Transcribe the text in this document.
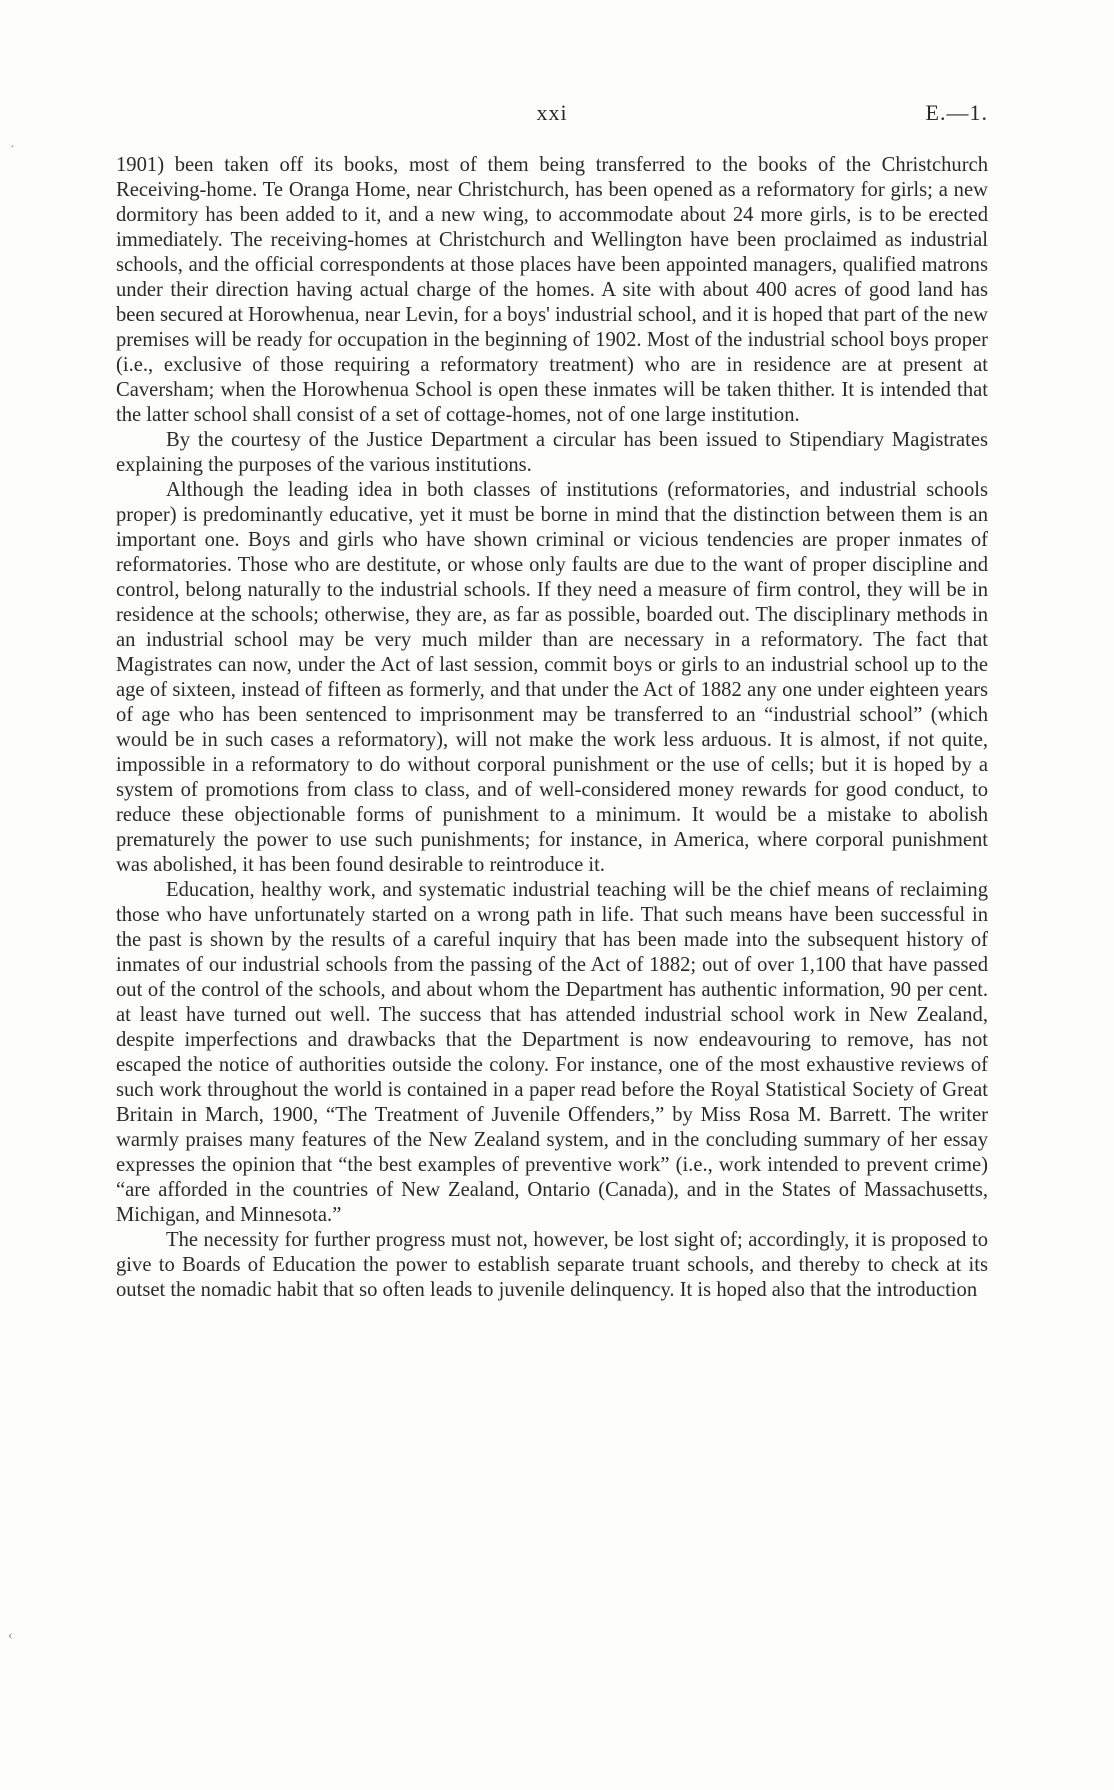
xxi	E.—1.

1901) been taken off its books, most of them being transferred to the books of the Christchurch Receiving-home. Te Oranga Home, near Christchurch, has been opened as a reformatory for girls; a new dormitory has been added to it, and a new wing, to accommodate about 24 more girls, is to be erected immediately. The receiving-homes at Christchurch and Wellington have been proclaimed as industrial schools, and the official correspondents at those places have been appointed managers, qualified matrons under their direction having actual charge of the homes. A site with about 400 acres of good land has been secured at Horowhenua, near Levin, for a boys' industrial school, and it is hoped that part of the new premises will be ready for occupation in the beginning of 1902. Most of the industrial school boys proper (i.e., exclusive of those requiring a reformatory treatment) who are in residence are at present at Caversham; when the Horowhenua School is open these inmates will be taken thither. It is intended that the latter school shall consist of a set of cottage-homes, not of one large institution.

By the courtesy of the Justice Department a circular has been issued to Stipendiary Magistrates explaining the purposes of the various institutions.

Although the leading idea in both classes of institutions (reformatories, and industrial schools proper) is predominantly educative, yet it must be borne in mind that the distinction between them is an important one. Boys and girls who have shown criminal or vicious tendencies are proper inmates of reformatories. Those who are destitute, or whose only faults are due to the want of proper discipline and control, belong naturally to the industrial schools. If they need a measure of firm control, they will be in residence at the schools; otherwise, they are, as far as possible, boarded out. The disciplinary methods in an industrial school may be very much milder than are necessary in a reformatory. The fact that Magistrates can now, under the Act of last session, commit boys or girls to an industrial school up to the age of sixteen, instead of fifteen as formerly, and that under the Act of 1882 any one under eighteen years of age who has been sentenced to imprisonment may be transferred to an “industrial school” (which would be in such cases a reformatory), will not make the work less arduous. It is almost, if not quite, impossible in a reformatory to do without corporal punishment or the use of cells; but it is hoped by a system of promotions from class to class, and of well-considered money rewards for good conduct, to reduce these objectionable forms of punishment to a minimum. It would be a mistake to abolish prematurely the power to use such punishments; for instance, in America, where corporal punishment was abolished, it has been found desirable to reintroduce it.

Education, healthy work, and systematic industrial teaching will be the chief means of reclaiming those who have unfortunately started on a wrong path in life. That such means have been successful in the past is shown by the results of a careful inquiry that has been made into the subsequent history of inmates of our industrial schools from the passing of the Act of 1882; out of over 1,100 that have passed out of the control of the schools, and about whom the Department has authentic information, 90 per cent. at least have turned out well. The success that has attended industrial school work in New Zealand, despite imperfections and drawbacks that the Department is now endeavouring to remove, has not escaped the notice of authorities outside the colony. For instance, one of the most exhaustive reviews of such work throughout the world is contained in a paper read before the Royal Statistical Society of Great Britain in March, 1900, “The Treatment of Juvenile Offenders,” by Miss Rosa M. Barrett. The writer warmly praises many features of the New Zealand system, and in the concluding summary of her essay expresses the opinion that “the best examples of preventive work” (i.e., work intended to prevent crime) “are afforded in the countries of New Zealand, Ontario (Canada), and in the States of Massachusetts, Michigan, and Minnesota.”

The necessity for further progress must not, however, be lost sight of; accordingly, it is proposed to give to Boards of Education the power to establish separate truant schools, and thereby to check at its outset the nomadic habit that so often leads to juvenile delinquency. It is hoped also that the introduction

·
‹
